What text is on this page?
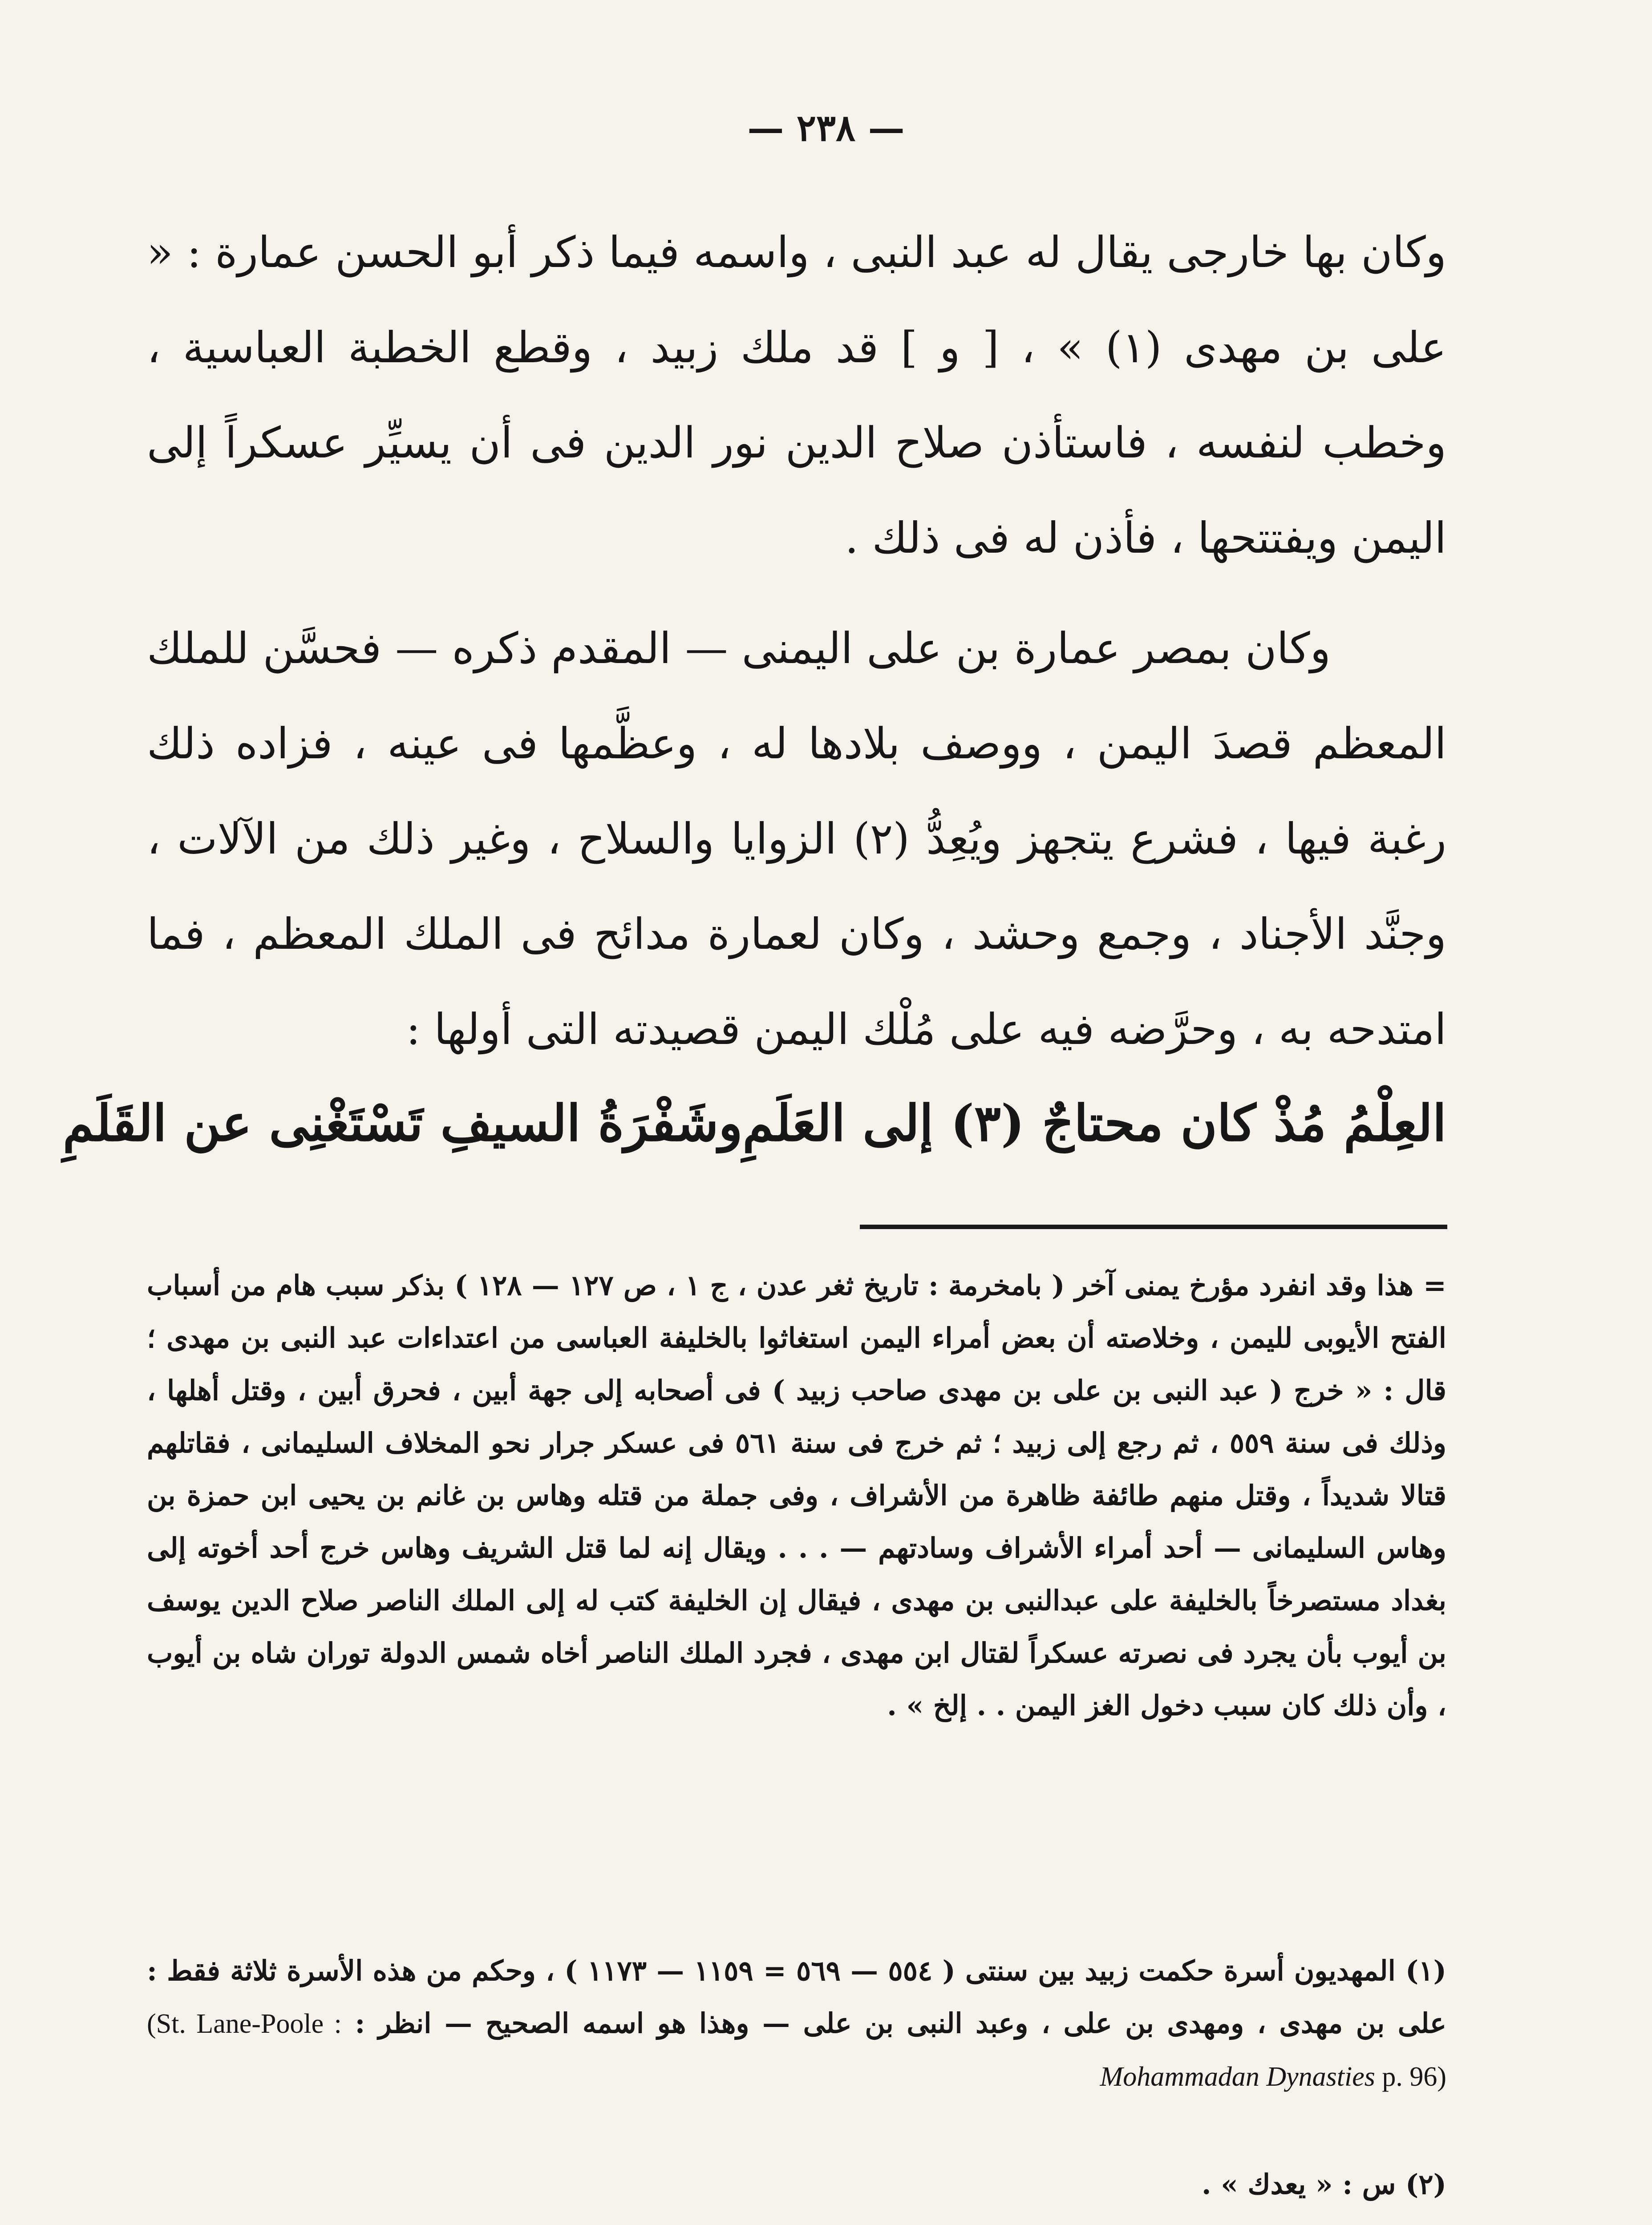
— ٢٣٨ —

وكان بها خارجى يقال له عبد النبى ، واسمه فيما ذكر أبو الحسن عمارة : « على بن مهدى (١) » ، [ و ] قد ملك زبيد ، وقطع الخطبة العباسية ، وخطب لنفسه ، فاستأذن صلاح الدين نور الدين فى أن يسيِّر عسكراً إلى اليمن ويفتتحها ، فأذن له فى ذلك .

وكان بمصر عمارة بن على اليمنى — المقدم ذكره — فحسَّن للملك المعظم قصدَ اليمن ، ووصف بلادها له ، وعظَّمها فى عينه ، فزاده ذلك رغبة فيها ، فشرع يتجهز ويُعِدُّ (٢) الزوايا والسلاح ، وغير ذلك من الآلات ، وجنَّد الأجناد ، وجمع وحشد ، وكان لعمارة مدائح فى الملك المعظم ، فما امتدحه به ، وحرَّضه فيه على مُلْك اليمن قصيدته التى أولها :

العِلْمُ مُذْ كان محتاجٌ (٣) إلى العَلَمِ
وشَفْرَةُ السيفِ تَسْتَغْنِى عن القَلَمِ

= هذا وقد انفرد مؤرخ يمنى آخر ( بامخرمة : تاريخ ثغر عدن ، ج ١ ، ص ١٢٧ — ١٢٨ ) بذكر سبب هام من أسباب الفتح الأيوبى لليمن ، وخلاصته أن بعض أمراء اليمن استغاثوا بالخليفة العباسى من اعتداءات عبد النبى بن مهدى ؛ قال : « خرج ( عبد النبى بن على بن مهدى صاحب زبيد ) فى أصحابه إلى جهة أبين ، فحرق أبين ، وقتل أهلها ، وذلك فى سنة ٥٥٩ ، ثم رجع إلى زبيد ؛ ثم خرج فى سنة ٥٦١ فى عسكر جرار نحو المخلاف السليمانى ، فقاتلهم قتالا شديداً ، وقتل منهم طائفة ظاهرة من الأشراف ، وفى جملة من قتله وهاس بن غانم بن يحيى ابن حمزة بن وهاس السليمانى — أحد أمراء الأشراف وسادتهم — . . . ويقال إنه لما قتل الشريف وهاس خرج أحد أخوته إلى بغداد مستصرخاً بالخليفة على عبدالنبى بن مهدى ، فيقال إن الخليفة كتب له إلى الملك الناصر صلاح الدين يوسف بن أيوب بأن يجرد فى نصرته عسكراً لقتال ابن مهدى ، فجرد الملك الناصر أخاه شمس الدولة توران شاه بن أيوب ، وأن ذلك كان سبب دخول الغز اليمن . . إلخ » .

(١) المهديون أسرة حكمت زبيد بين سنتى ( ٥٥٤ — ٥٦٩ = ١١٥٩ — ١١٧٣ ) ، وحكم من هذه الأسرة ثلاثة فقط : على بن مهدى ، ومهدى بن على ، وعبد النبى بن على — وهذا هو اسمه الصحيح — انظر : (St. Lane-Poole : Mohammadan Dynasties p. 96)

(٢) س : « يعدك » .
